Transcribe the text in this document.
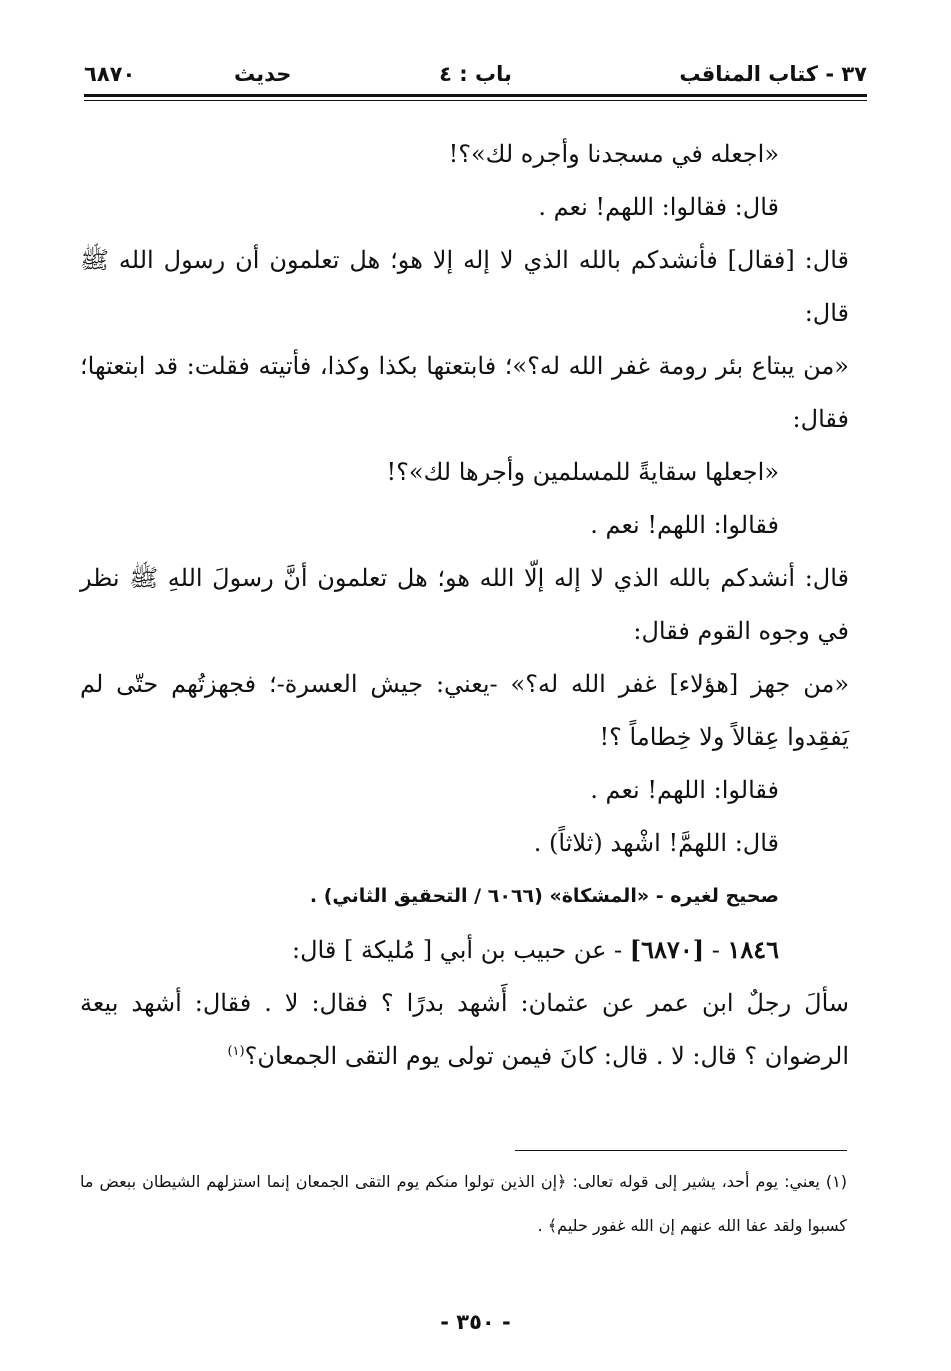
٣٧ - كتاب المناقب
باب : ٤
حديث
٦٨٧٠

«اجعله في مسجدنا وأجره لك»؟!

قال: فقالوا: اللهم! نعم .

قال: [فقال] فأنشدكم بالله الذي لا إله إلا هو؛ هل تعلمون أن رسول الله ﷺ قال:

«من يبتاع بئر رومة غفر الله له؟»؛ فابتعتها بكذا وكذا، فأتيته فقلت: قد ابتعتها؛ فقال:

«اجعلها سقايةً للمسلمين وأجرها لك»؟!

فقالوا: اللهم! نعم .

قال: أنشدكم بالله الذي لا إله إلّا الله هو؛ هل تعلمون أنَّ رسولَ اللهِ ﷺ نظر في وجوه القوم فقال:

«من جهز [هؤلاء] غفر الله له؟» -يعني: جيش العسرة-؛ فجهزتُهم حتّى لم يَفقِدوا عِقالاً ولا خِطاماً ؟!

فقالوا: اللهم! نعم .

قال: اللهمَّ! اشْهد (ثلاثاً) .

صحيح لغيره - «المشكاة» (٦٠٦٦ / التحقيق الثاني) .

١٨٤٦ - [٦٨٧٠] - عن حبيب بن أبي [ مُليكة ] قال:

سألَ رجلٌ ابن عمر عن عثمان: أَشهد بدرًا ؟ فقال: لا . فقال: أشهد بيعة الرضوان ؟ قال: لا . قال: كانَ فيمن تولى يوم التقى الجمعان؟$^{(١)}$

(١) يعني: يوم أحد، يشير إلى قوله تعالى: ﴿إن الذين تولوا منكم يوم التقى الجمعان إنما استزلهم الشيطان ببعض ما كسبوا ولقد عفا الله عنهم إن الله غفور حليم﴾ .

- ٣٥٠ -
